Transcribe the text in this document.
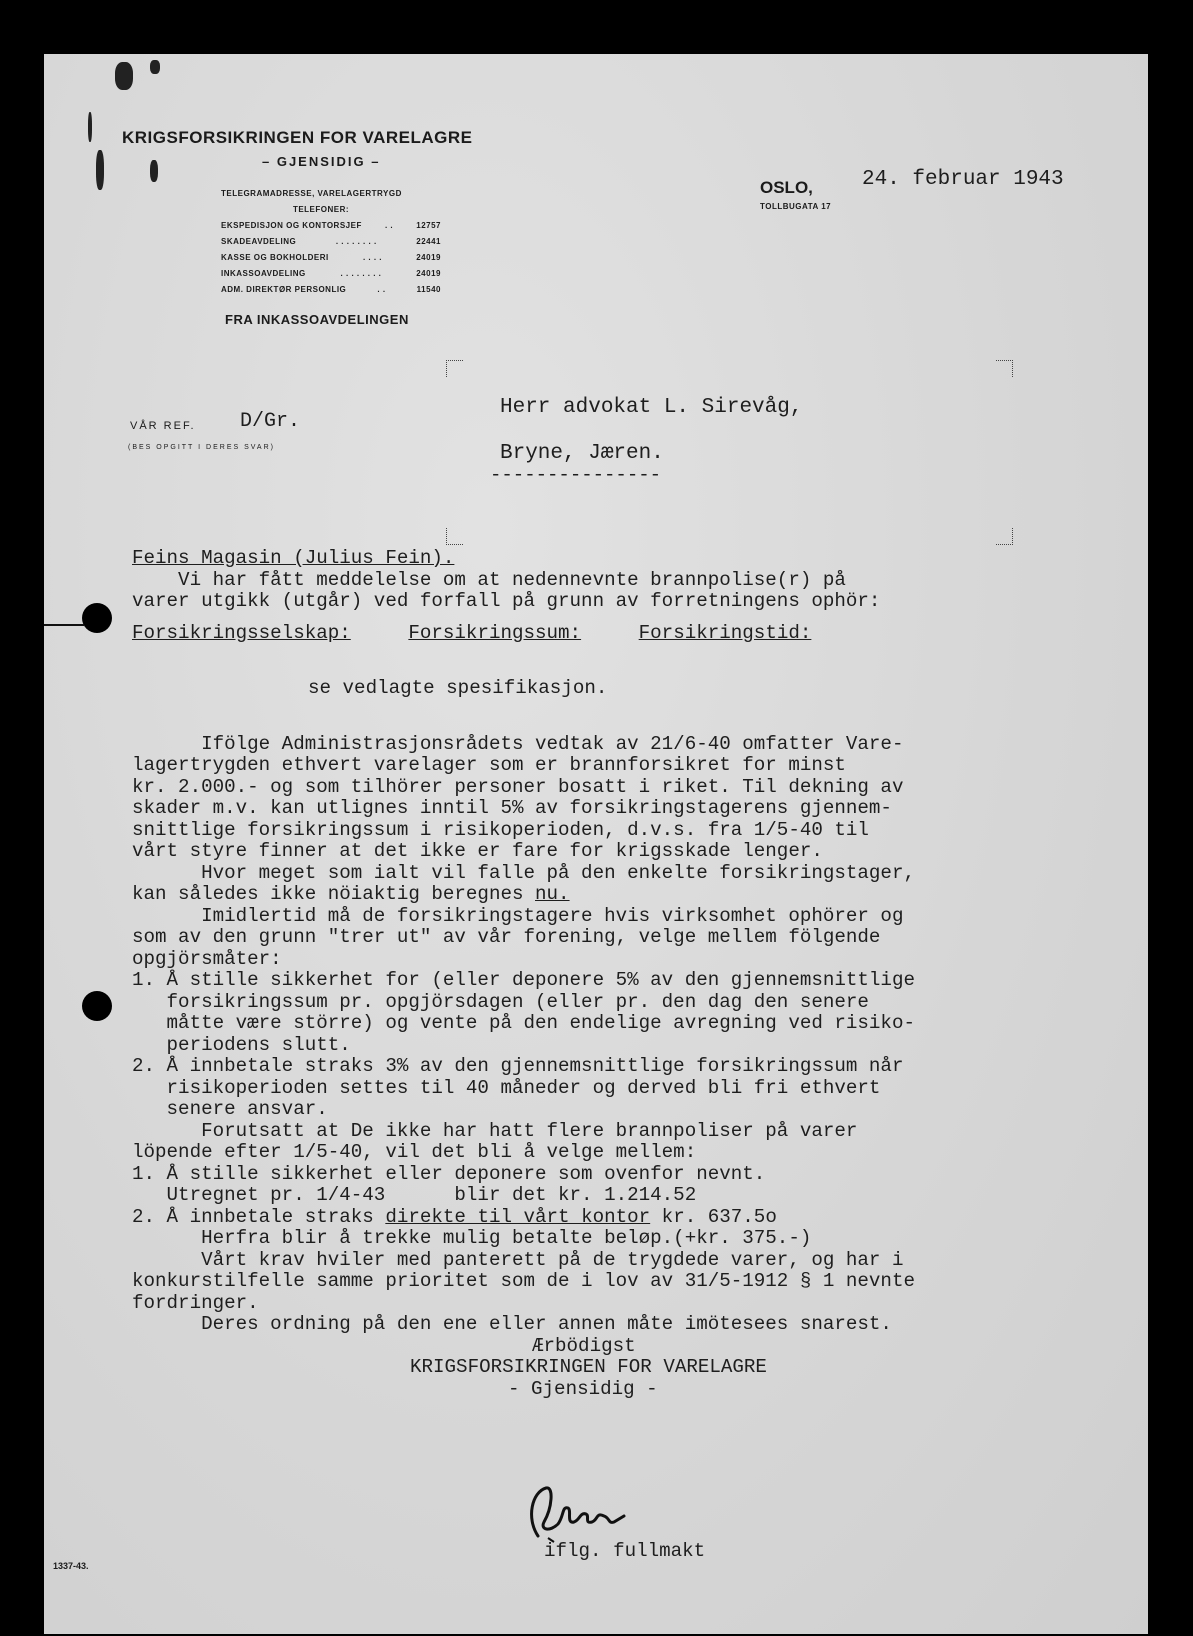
KRIGSFORSIKRINGEN FOR VARELAGRE
– GJENSIDIG –
TELEGRAMADRESSE, VARELAGERTRYGD
TELEFONER:
EKSPEDISJON OG KONTORSJEF	. .	12757
SKADEAVDELING	. . . . . . . .	22441
KASSE OG BOKHOLDERI	. . . .	24019
INKASSOAVDELING	. . . . . . . .	24019
ADM. DIREKTØR PERSONLIG	. .	11540
FRA INKASSOAVDELINGEN
OSLO,
TOLLBUGATA 17
24. februar 1943
VÅR REF.
(BES OPGITT I DERES SVAR)
D/Gr.
Herr advokat L. Sirevåg,
Bryne, Jæren.
---------------

Feins Magasin (Julius Fein).

Vi har fått meddelelse om at nedennevnte brannpolise(r) på

varer utgikk (utgår) ved forfall på grunn av forretningens ophör:

Forsikringsselskap:	Forsikringssum:	Forsikringstid:

se vedlagte spesifikasjon.

Ifölge Administrasjonsrådets vedtak av 21/6-40 omfatter Vare-

lagertrygden ethvert varelager som er brannforsikret for minst

kr. 2.000.- og som tilhörer personer bosatt i riket. Til dekning av

skader m.v. kan utlignes inntil 5% av forsikringstagerens gjennem-

snittlige forsikringssum i risikoperioden, d.v.s. fra 1/5-40 til

vårt styre finner at det ikke er fare for krigsskade lenger.

Hvor meget som ialt vil falle på den enkelte forsikringstager,

kan således ikke nöiaktig beregnes nu.

Imidlertid må de forsikringstagere hvis virksomhet ophörer og

som av den grunn "trer ut" av vår forening, velge mellem fölgende

opgjörsmåter:

1. Å stille sikkerhet for (eller deponere 5% av den gjennemsnittlige

forsikringssum pr. opgjörsdagen (eller pr. den dag den senere

måtte være större) og vente på den endelige avregning ved risiko-

periodens slutt.

2. Å innbetale straks 3% av den gjennemsnittlige forsikringssum når

risikoperioden settes til 40 måneder og derved bli fri ethvert

senere ansvar.

Forutsatt at De ikke har hatt flere brannpoliser på varer

löpende efter 1/5-40, vil det bli å velge mellem:

1. Å stille sikkerhet eller deponere som ovenfor nevnt.

Utregnet pr. 1/4-43      blir det kr. 1.214.52

2. Å innbetale straks direkte til vårt kontor kr. 637.5o

Herfra blir å trekke mulig betalte beløp.(+kr. 375.-)

Vårt krav hviler med panterett på de trygdede varer, og har i

konkurstilfelle samme prioritet som de i lov av 31/5-1912 § 1 nevnte

fordringer.

Deres ordning på den ene eller annen måte imötesees snarest.

Ærbödigst

KRIGSFORSIKRINGEN FOR VARELAGRE

- Gjensidig -

iflg. fullmakt
1337-43.
